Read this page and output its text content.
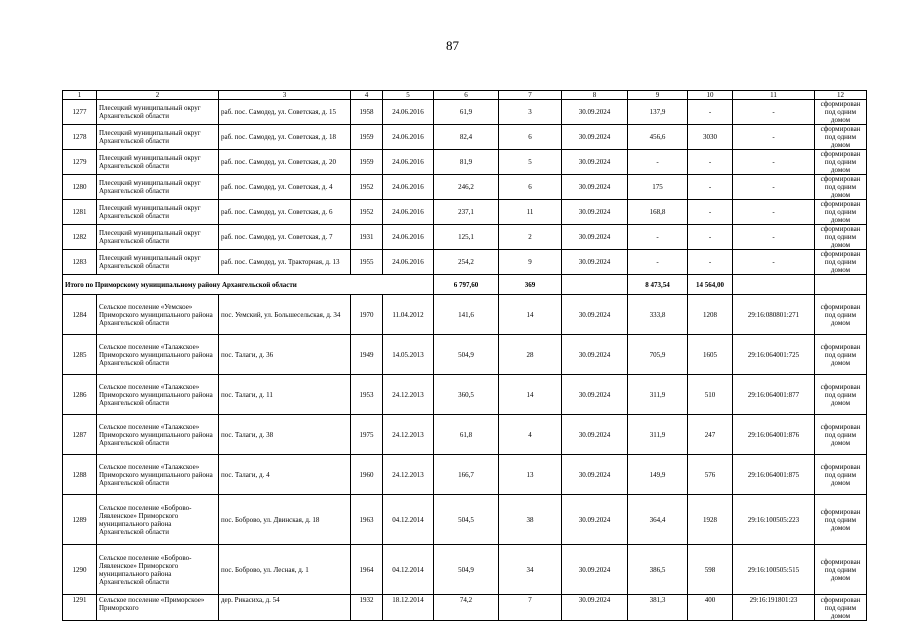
87
1	2	3	4	5	6	7	8	9	10	11	12
1277	Плесецкий муниципальный округ Архангельской области	раб. пос. Самодед, ул. Советская, д. 15	1958	24.06.2016	61,9	3	30.09.2024	137,9	-	-	сформирован под одним домом
1278	Плесецкий муниципальный округ Архангельской области	раб. пос. Самодед, ул. Советская, д. 18	1959	24.06.2016	82,4	6	30.09.2024	456,6	3030	-	сформирован под одним домом
1279	Плесецкий муниципальный округ Архангельской области	раб. пос. Самодед, ул. Советская, д. 20	1959	24.06.2016	81,9	5	30.09.2024	-	-	-	сформирован под одним домом
1280	Плесецкий муниципальный округ Архангельской области	раб. пос. Самодед, ул. Советская, д. 4	1952	24.06.2016	246,2	6	30.09.2024	175	-	-	сформирован под одним домом
1281	Плесецкий муниципальный округ Архангельской области	раб. пос. Самодед, ул. Советская, д. 6	1952	24.06.2016	237,1	11	30.09.2024	168,8	-	-	сформирован под одним домом
1282	Плесецкий муниципальный округ Архангельской области	раб. пос. Самодед, ул. Советская, д. 7	1931	24.06.2016	125,1	2	30.09.2024	-	-	-	сформирован под одним домом
1283	Плесецкий муниципальный округ Архангельской области	раб. пос. Самодед, ул. Тракторная, д. 13	1955	24.06.2016	254,2	9	30.09.2024	-	-	-	сформирован под одним домом
Итого по Приморскому муниципальному району Архангельской области					6 797,60	369		8 473,54	14 564,00		
1284	Сельское поселение «Уемское» Приморского муниципального района Архангельской области	пос. Уемский, ул. Большесельская, д. 34	1970	11.04.2012	141,6	14	30.09.2024	333,8	1208	29:16:080801:271	сформирован под одним домом
1285	Сельское поселение «Талажское» Приморского муниципального района Архангельской области	пос. Талаги, д. 36	1949	14.05.2013	504,9	28	30.09.2024	705,9	1605	29:16:064001:725	сформирован под одним домом
1286	Сельское поселение «Талажское» Приморского муниципального района Архангельской области	пос. Талаги, д. 11	1953	24.12.2013	360,5	14	30.09.2024	311,9	510	29:16:064001:877	сформирован под одним домом
1287	Сельское поселение «Талажское» Приморского муниципального района Архангельской области	пос. Талаги, д. 38	1975	24.12.2013	61,8	4	30.09.2024	311,9	247	29:16:064001:876	сформирован под одним домом
1288	Сельское поселение «Талажское» Приморского муниципального района Архангельской области	пос. Талаги, д. 4	1960	24.12.2013	166,7	13	30.09.2024	149,9	576	29:16:064001:875	сформирован под одним домом
1289	Сельское поселение «Боброво-Лявленское» Приморского муниципального района Архангельской области	пос. Боброво, ул. Двинская, д. 18	1963	04.12.2014	504,5	38	30.09.2024	364,4	1928	29:16:100505:223	сформирован под одним домом
1290	Сельское поселение «Боброво-Лявленское» Приморского муниципального района Архангельской области	пос. Боброво, ул. Лесная, д. 1	1964	04.12.2014	504,9	34	30.09.2024	386,5	598	29:16:100505:515	сформирован под одним домом
1291	Сельское поселение «Приморское» Приморского	дер. Рикасиха, д. 54	1932	18.12.2014	74,2	7	30.09.2024	381,3	400	29:16:191801:23	сформирован под одним домом
